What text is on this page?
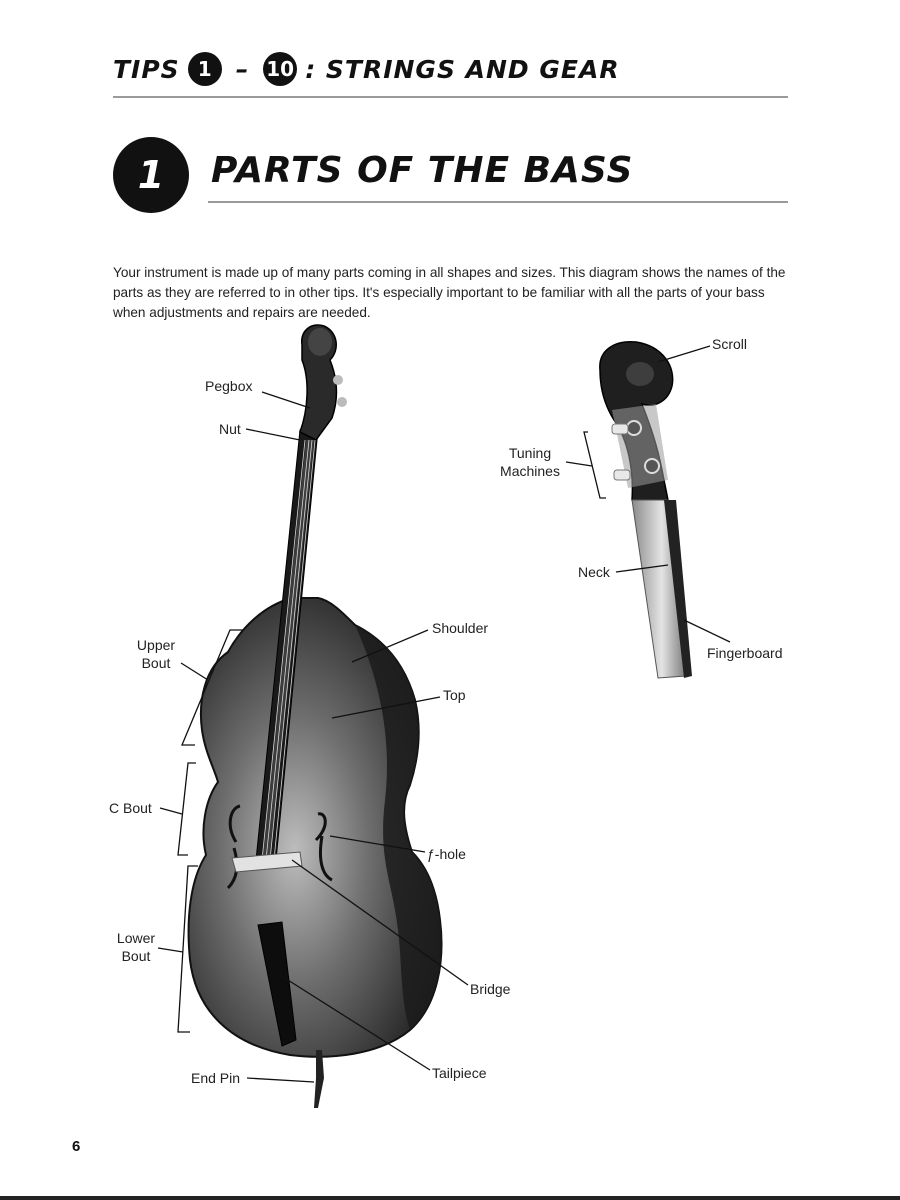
TIPS 1 – 10 : STRINGS AND GEAR
1	PARTS OF THE BASS

Your instrument is made up of many parts coming in all shapes and sizes. This diagram shows the names of the parts as they are referred to in other tips. It's especially important to be familiar with all the parts of your bass when adjustments and repairs are needed.

Pegbox
Nut
Upper
Bout
C Bout
Lower
Bout
End Pin
Shoulder
Top
ƒ-hole
Bridge
Tailpiece
Scroll
Tuning
Machines
Neck
Fingerboard
6
